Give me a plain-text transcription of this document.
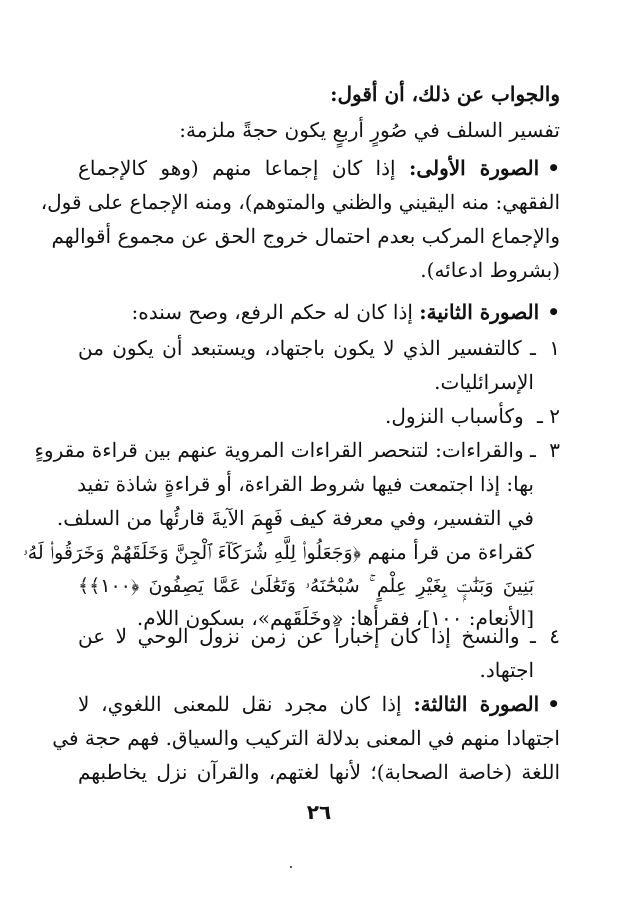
والجواب عن ذلك، أن أقول:
تفسير السلف في صُورٍ أربعٍ يكون حجةً ملزمة:
•الصورة الأولى: إذا كان إجماعا منهم (وهو كالإجماع
الفقهي: منه اليقيني والظني والمتوهم)، ومنه الإجماع على قول،
والإجماع المركب بعدم احتمال خروج الحق عن مجموع أقوالهم
(بشروط ادعائه).
•الصورة الثانية: إذا كان له حكم الرفع، وصح سنده:
١ ـ كالتفسير الذي لا يكون باجتهاد، ويستبعد أن يكون من
الإسرائليات.
٢ ـ وكأسباب النزول.
٣ ـ والقراءات: لتنحصر القراءات المروية عنهم بين قراءة مقروءٍ
بها: إذا اجتمعت فيها شروط القراءة، أو قراءةٍ شاذة تفيد
في التفسير، وفي معرفة كيف فَهِمَ الآيةَ قارئُها من السلف.
كقراءة من قرأ منهم ﴿وَجَعَلُوا۟ لِلَّهِ شُرَكَآءَ ٱلْجِنَّ وَخَلَقَهُمْ وَخَرَقُوا۟ لَهُۥ
بَنِينَ وَبَنَٰتٍۭ بِغَيْرِ عِلْمٍ ۚ سُبْحَٰنَهُۥ وَتَعَٰلَىٰ عَمَّا يَصِفُونَ ﴿١٠٠﴾﴾
[الأنعام: ١٠٠]، فقرأها: «وخَلَقَهم»، بسكون اللام.
٤ ـ والنسخ إذا كان إخباراً عن زمن نزول الوحي لا عن
اجتهاد.
•الصورة الثالثة: إذا كان مجرد نقل للمعنى اللغوي، لا
٢٦
اجتهادا منهم في المعنى بدلالة التركيب والسياق. فهم حجة في
اللغة (خاصة الصحابة)؛ لأنها لغتهم، والقرآن نزل يخاطبهم
